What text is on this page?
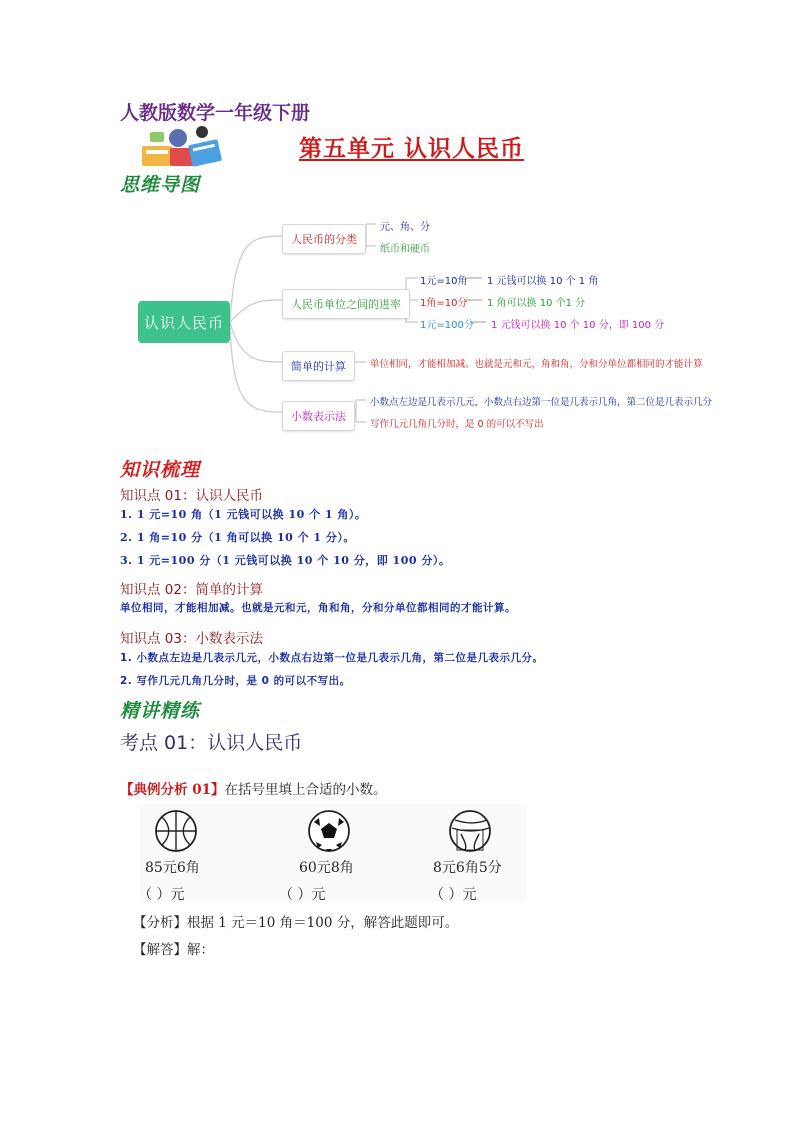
人教版数学一年级下册
第五单元 认识人民币
思维导图
认识人民币
人民币的分类
人民币单位之间的进率
简单的计算
小数表示法
元、角、分
纸币和硬币
1元=10角 1 元钱可以换 10 个 1 角
1角=10分 1 角可以换 10 个1 分
1元=100分 1 元钱可以换 10 个 10 分，即 100 分
单位相同，才能相加减。也就是元和元，角和角，分和分单位都相同的才能计算
小数点左边是几表示几元，小数点右边第一位是几表示几角，第二位是几表示几分
写作几元几角几分时，是 0 的可以不写出
知识梳理
知识点 01：认识人民币
1. 1 元=10 角（1 元钱可以换 10 个 1 角）。
2. 1 角=10 分（1 角可以换 10 个 1 分）。
3. 1 元=100 分（1 元钱可以换 10 个 10 分，即 100 分）。
知识点 02：简单的计算
单位相同，才能相加减。也就是元和元，角和角，分和分单位都相同的才能计算。
知识点 03：小数表示法
1. 小数点左边是几表示几元，小数点右边第一位是几表示几角，第二位是几表示几分。
2. 写作几元几角几分时，是 0 的可以不写出。
精讲精练
考点 01：认识人民币
【典例分析 01】在括号里填上合适的小数。
85元6角	60元8角	8元6角5分
（ ）元	（ ）元	（ ）元
【分析】根据 1 元＝10 角＝100 分，解答此题即可。
【解答】解：
